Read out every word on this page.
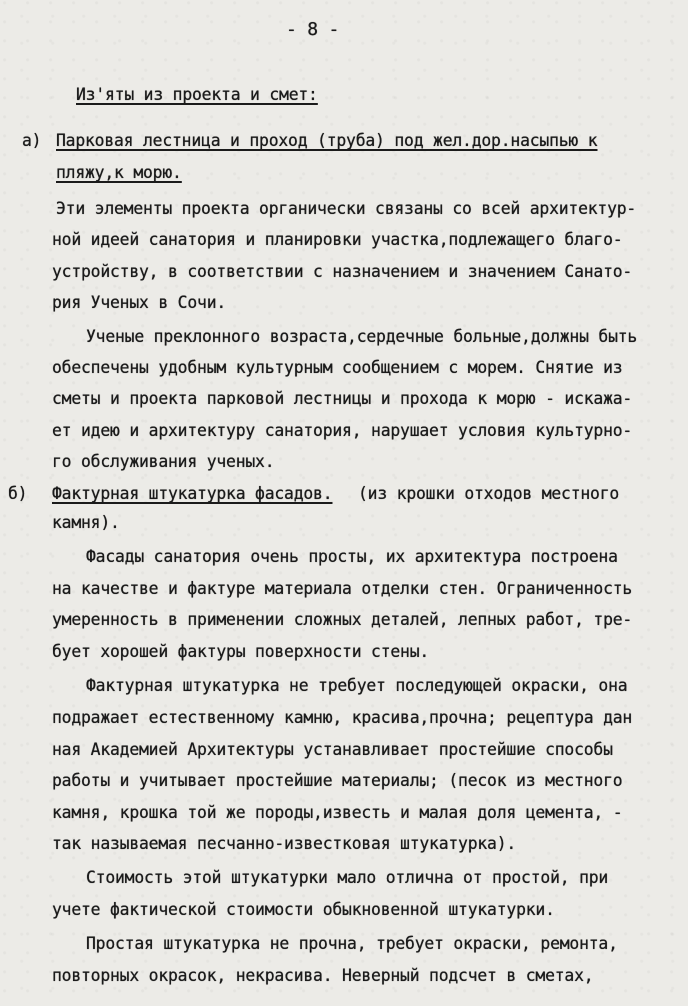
- 8 -
Из'яты из проекта и смет:
а) Парковая лестница и проход (труба) под жел.дор.насыпью к
пляжу,к морю.
Эти элементы проекта органически связаны со всей архитектур-
ной идеей санатория и планировки участка,подлежащего благо-
устройству, в соответствии с назначением и значением Санато-
рия Ученых в Сочи.
Ученые преклонного возраста,сердечные больные,должны быть
обеспечены удобным культурным сообщением с морем. Снятие из
сметы и проекта парковой лестницы и прохода к морю - искажа-
ет идею и архитектуру санатория, нарушает условия культурно-
го обслуживания ученых.
б) Фактурная штукатурка фасадов. (из крошки отходов местного
камня).
Фасады санатория очень просты, их архитектура построена
на качестве и фактуре материала отделки стен. Ограниченность
умеренность в применении сложных деталей, лепных работ, тре-
бует хорошей фактуры поверхности стены.
Фактурная штукатурка не требует последующей окраски, она
подражает естественному камню, красива,прочна; рецептура дан
ная Академией Архитектуры устанавливает простейшие способы
работы и учитывает простейшие материалы; (песок из местного
камня, крошка той же породы,известь и малая доля цемента, -
так называемая песчанно-известковая штукатурка).
Стоимость этой штукатурки мало отлична от простой, при
учете фактической стоимости обыкновенной штукатурки.
Простая штукатурка не прочна, требует окраски, ремонта,
повторных окрасок, некрасива. Неверный подсчет в сметах,
